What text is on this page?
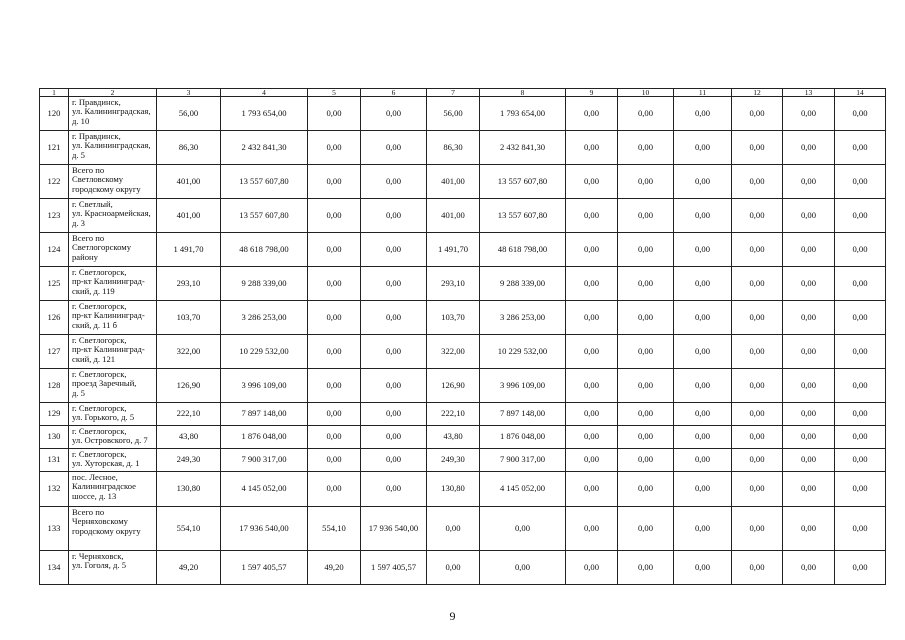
1	2	3	4	5	6	7	8	9	10	11	12	13	14
120	г. Правдинск,
ул. Калининградская,
д. 10	56,00	1 793 654,00	0,00	0,00	56,00	1 793 654,00	0,00	0,00	0,00	0,00	0,00	0,00
121	г. Правдинск,
ул. Калининградская,
д. 5	86,30	2 432 841,30	0,00	0,00	86,30	2 432 841,30	0,00	0,00	0,00	0,00	0,00	0,00
122	Всего по
Светловскому
городскому округу	401,00	13 557 607,80	0,00	0,00	401,00	13 557 607,80	0,00	0,00	0,00	0,00	0,00	0,00
123	г. Светлый,
ул. Красноармейская,
д. 3	401,00	13 557 607,80	0,00	0,00	401,00	13 557 607,80	0,00	0,00	0,00	0,00	0,00	0,00
124	Всего по
Светлогорскому
району	1 491,70	48 618 798,00	0,00	0,00	1 491,70	48 618 798,00	0,00	0,00	0,00	0,00	0,00	0,00
125	г. Светлогорск,
пр-кт Калининград-
ский, д. 119	293,10	9 288 339,00	0,00	0,00	293,10	9 288 339,00	0,00	0,00	0,00	0,00	0,00	0,00
126	г. Светлогорск,
пр-кт Калининград-
ский, д. 11 б	103,70	3 286 253,00	0,00	0,00	103,70	3 286 253,00	0,00	0,00	0,00	0,00	0,00	0,00
127	г. Светлогорск,
пр-кт Калининград-
ский, д. 121	322,00	10 229 532,00	0,00	0,00	322,00	10 229 532,00	0,00	0,00	0,00	0,00	0,00	0,00
128	г. Светлогорск,
проезд Заречный,
д. 5	126,90	3 996 109,00	0,00	0,00	126,90	3 996 109,00	0,00	0,00	0,00	0,00	0,00	0,00
129	г. Светлогорск,
ул. Горького, д. 5	222,10	7 897 148,00	0,00	0,00	222,10	7 897 148,00	0,00	0,00	0,00	0,00	0,00	0,00
130	г. Светлогорск,
ул. Островского, д. 7	43,80	1 876 048,00	0,00	0,00	43,80	1 876 048,00	0,00	0,00	0,00	0,00	0,00	0,00
131	г. Светлогорск,
ул. Хуторская, д. 1	249,30	7 900 317,00	0,00	0,00	249,30	7 900 317,00	0,00	0,00	0,00	0,00	0,00	0,00
132	пос. Лесное,
Калининградское
шоссе, д. 13	130,80	4 145 052,00	0,00	0,00	130,80	4 145 052,00	0,00	0,00	0,00	0,00	0,00	0,00
133	Всего по
Черняховскому
городскому округу	554,10	17 936 540,00	554,10	17 936 540,00	0,00	0,00	0,00	0,00	0,00	0,00	0,00	0,00
134	г. Черняховск,
ул. Гоголя, д. 5	49,20	1 597 405,57	49,20	1 597 405,57	0,00	0,00	0,00	0,00	0,00	0,00	0,00	0,00
9
